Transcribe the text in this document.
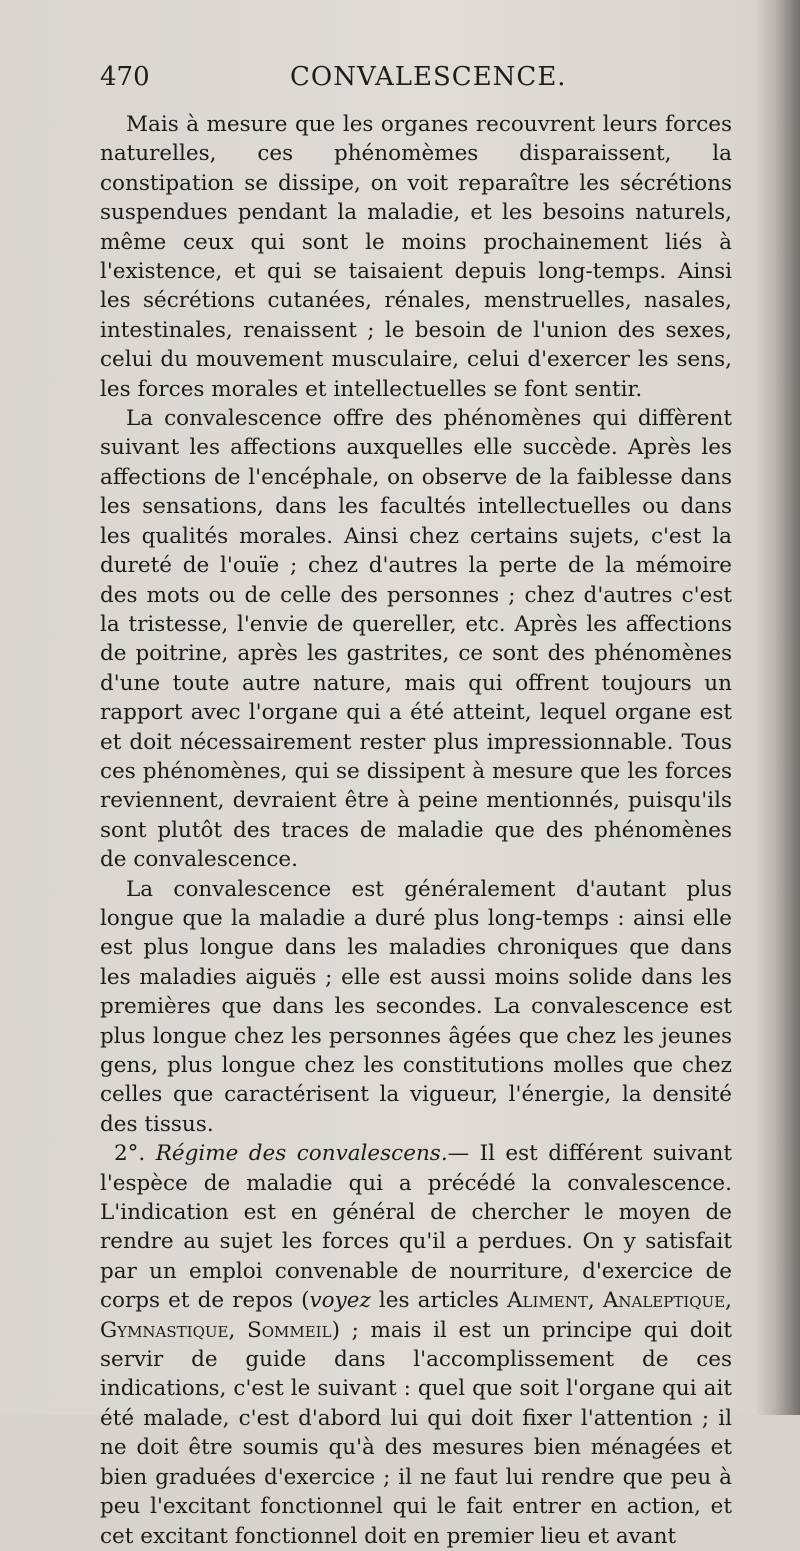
470	CONVALESCENCE.

Mais à mesure que les organes recouvrent leurs forces naturelles, ces phénomèmes disparaissent, la constipation se dissipe, on voit reparaître les sécrétions suspendues pendant la maladie, et les besoins naturels, même ceux qui sont le moins prochainement liés à l'existence, et qui se taisaient depuis long-temps. Ainsi les sécrétions cutanées, rénales, menstruelles, nasales, intestinales, renaissent ; le besoin de l'union des sexes, celui du mouvement musculaire, celui d'exercer les sens, les forces morales et intellectuelles se font sentir.

La convalescence offre des phénomènes qui diffèrent suivant les affections auxquelles elle succède. Après les affections de l'encéphale, on observe de la faiblesse dans les sensations, dans les facultés intellectuelles ou dans les qualités morales. Ainsi chez certains sujets, c'est la dureté de l'ouïe ; chez d'autres la perte de la mémoire des mots ou de celle des personnes ; chez d'autres c'est la tristesse, l'envie de quereller, etc. Après les affections de poitrine, après les gastrites, ce sont des phénomènes d'une toute autre nature, mais qui offrent toujours un rapport avec l'organe qui a été atteint, lequel organe est et doit nécessairement rester plus impressionnable. Tous ces phénomènes, qui se dissipent à mesure que les forces reviennent, devraient être à peine mentionnés, puisqu'ils sont plutôt des traces de maladie que des phénomènes de convalescence.

La convalescence est généralement d'autant plus longue que la maladie a duré plus long-temps : ainsi elle est plus longue dans les maladies chroniques que dans les maladies aiguës ; elle est aussi moins solide dans les premières que dans les secondes. La convalescence est plus longue chez les personnes âgées que chez les jeunes gens, plus longue chez les constitutions molles que chez celles que caractérisent la vigueur, l'énergie, la densité des tissus.

2°. Régime des convalescens.— Il est différent suivant l'espèce de maladie qui a précédé la convalescence. L'indication est en général de chercher le moyen de rendre au sujet les forces qu'il a perdues. On y satisfait par un emploi convenable de nourriture, d'exercice de corps et de repos (voyez les articles Aliment, Analeptique, Gymnastique, Sommeil) ; mais il est un principe qui doit servir de guide dans l'accomplissement de ces indications, c'est le suivant : quel que soit l'organe qui ait été malade, c'est d'abord lui qui doit fixer l'attention ; il ne doit être soumis qu'à des mesures bien ménagées et bien graduées d'exercice ; il ne faut lui rendre que peu à peu l'excitant fonctionnel qui le fait entrer en action, et cet excitant fonctionnel doit en premier lieu et avant
